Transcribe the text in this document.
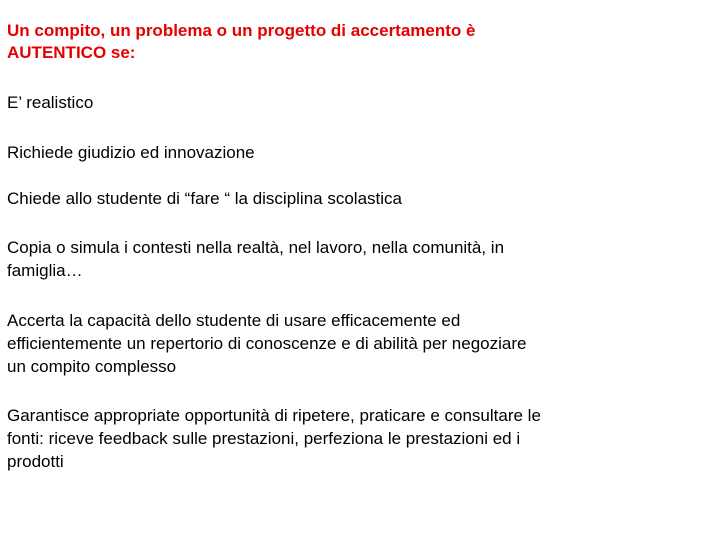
Un compito, un problema o un progetto di accertamento è
AUTENTICO se:
E’ realistico
Richiede giudizio ed innovazione
Chiede allo studente di “fare “ la disciplina scolastica
Copia o simula i contesti nella realtà, nel lavoro, nella comunità, in
famiglia…
Accerta la capacità dello studente di usare efficacemente ed
efficientemente un repertorio di conoscenze e di abilità per negoziare
un compito complesso
Garantisce appropriate opportunità di ripetere, praticare e consultare le
fonti: riceve feedback sulle prestazioni, perfeziona le prestazioni ed i
prodotti
